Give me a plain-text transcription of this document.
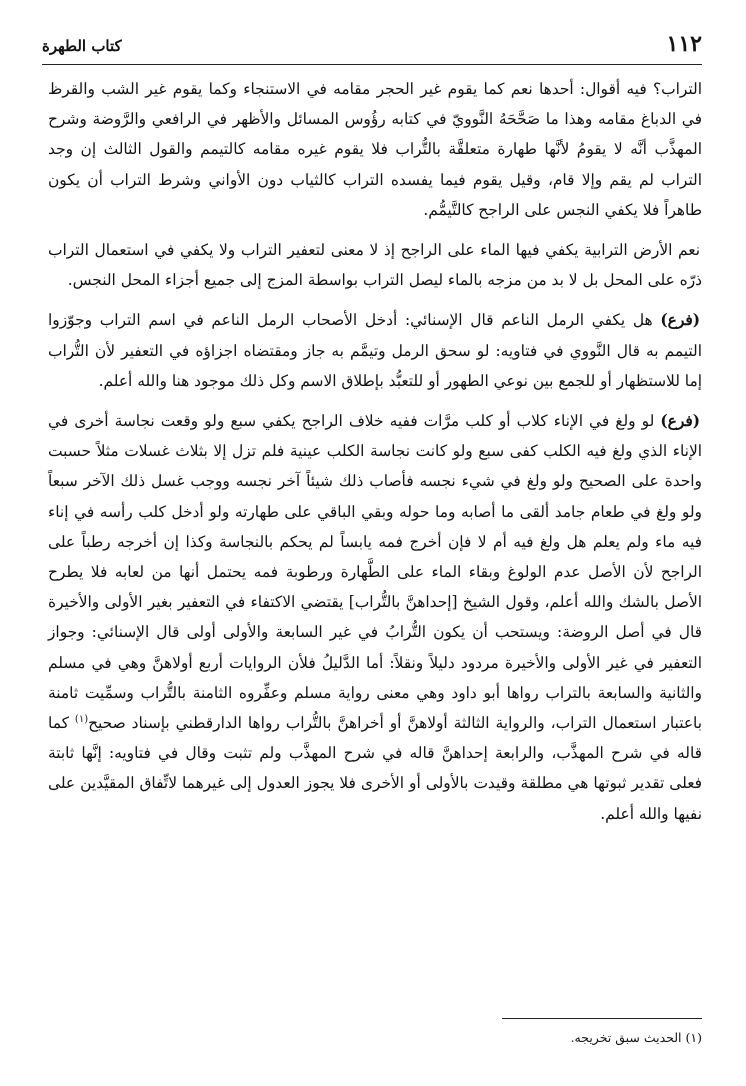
١١٢
كتاب الطهرة

التراب؟ فيه أقوال: أحدها نعم كما يقوم غير الحجر مقامه في الاستنجاء وكما يقوم غير الشب والقرظ في الدباغ مقامه وهذا ما صَحَّحَهُ النَّوويّ في كتابه رؤُوس المسائل والأظهر في الرافعي والرَّوضة وشرح المهذَّب أنَّه لا يقومُ لأنَّها طهارة متعلقَّة بالتُّراب فلا يقوم غيره مقامه كالتيمم والقول الثالث إن وجد التراب لم يقم وإلا قام، وقيل يقوم فيما يفسده التراب كالثياب دون الأواني وشرط التراب أن يكون طاهراً فلا يكفي النجس على الراجح كالتَّيمُّم.

نعم الأرض الترابية يكفي فيها الماء على الراجح إذ لا معنى لتعفير التراب ولا يكفي في استعمال التراب ذرّه على المحل بل لا بد من مزجه بالماء ليصل التراب بواسطة المزج إلى جميع أجزاء المحل النجس.

(فرع) هل يكفي الرمل الناعم قال الإسنائي: أدخل الأصحاب الرمل الناعم في اسم التراب وجوّزوا التيمم به قال النَّووي في فتاويه: لو سحق الرمل وتيمَّم به جاز ومقتضاه اجزاؤه في التعفير لأن التُّراب إما للاستظهار أو للجمع بين نوعي الطهور أو للتعبُّد بإطلاق الاسم وكل ذلك موجود هنا والله أعلم.

(فرع) لو ولغ في الإناء كلاب أو كلب مرَّات ففيه خلاف الراجح يكفي سبع ولو وقعت نجاسة أخرى في الإناء الذي ولغ فيه الكلب كفى سبع ولو كانت نجاسة الكلب عينية فلم تزل إلا بثلاث غسلات مثلاً حسبت واحدة على الصحيح ولو ولغ في شيء نجسه فأصاب ذلك شيئاً آخر نجسه ووجب غسل ذلك الآخر سبعاً ولو ولغ في طعام جامد ألقى ما أصابه وما حوله وبقي الباقي على طهارته ولو أدخل كلب رأسه في إناء فيه ماء ولم يعلم هل ولغ فيه أم لا فإن أخرج فمه يابساً لم يحكم بالنجاسة وكذا إن أخرجه رطباً على الراجح لأن الأصل عدم الولوغ وبقاء الماء على الطَّهارة ورطوبة فمه يحتمل أنها من لعابه فلا يطرح الأصل بالشك والله أعلم، وقول الشيخ [إحداهنَّ بالتُّراب] يقتضي الاكتفاء في التعفير بغير الأولى والأخيرة قال في أصل الروضة: ويستحب أن يكون التُّرابُ في غير السابعة والأولى أولى قال الإسنائي: وجواز التعفير في غير الأولى والأخيرة مردود دليلاً ونقلاً: أما الدَّليلُ فلأن الروايات أربع أولاهنَّ وهي في مسلم والثانية والسابعة بالتراب رواها أبو داود وهي معنى رواية مسلم وعفِّروه الثامنة بالتُّراب وسمِّيت ثامنة باعتبار استعمال التراب، والرواية الثالثة أولاهنَّ أو أخراهنَّ بالتُّراب رواها الدارقطني بإسناد صحيح$^{(١)}$ كما قاله في شرح المهذَّب، والرابعة إحداهنَّ قاله في شرح المهذَّب ولم تثبت وقال في فتاويه: إنَّها ثابتة فعلى تقدير ثبوتها هي مطلقة وقيدت بالأولى أو الأخرى فلا يجوز العدول إلى غيرهما لاتِّفاق المقيَّدين على نفيها والله أعلم.

(١) الحديث سبق تخريجه.
